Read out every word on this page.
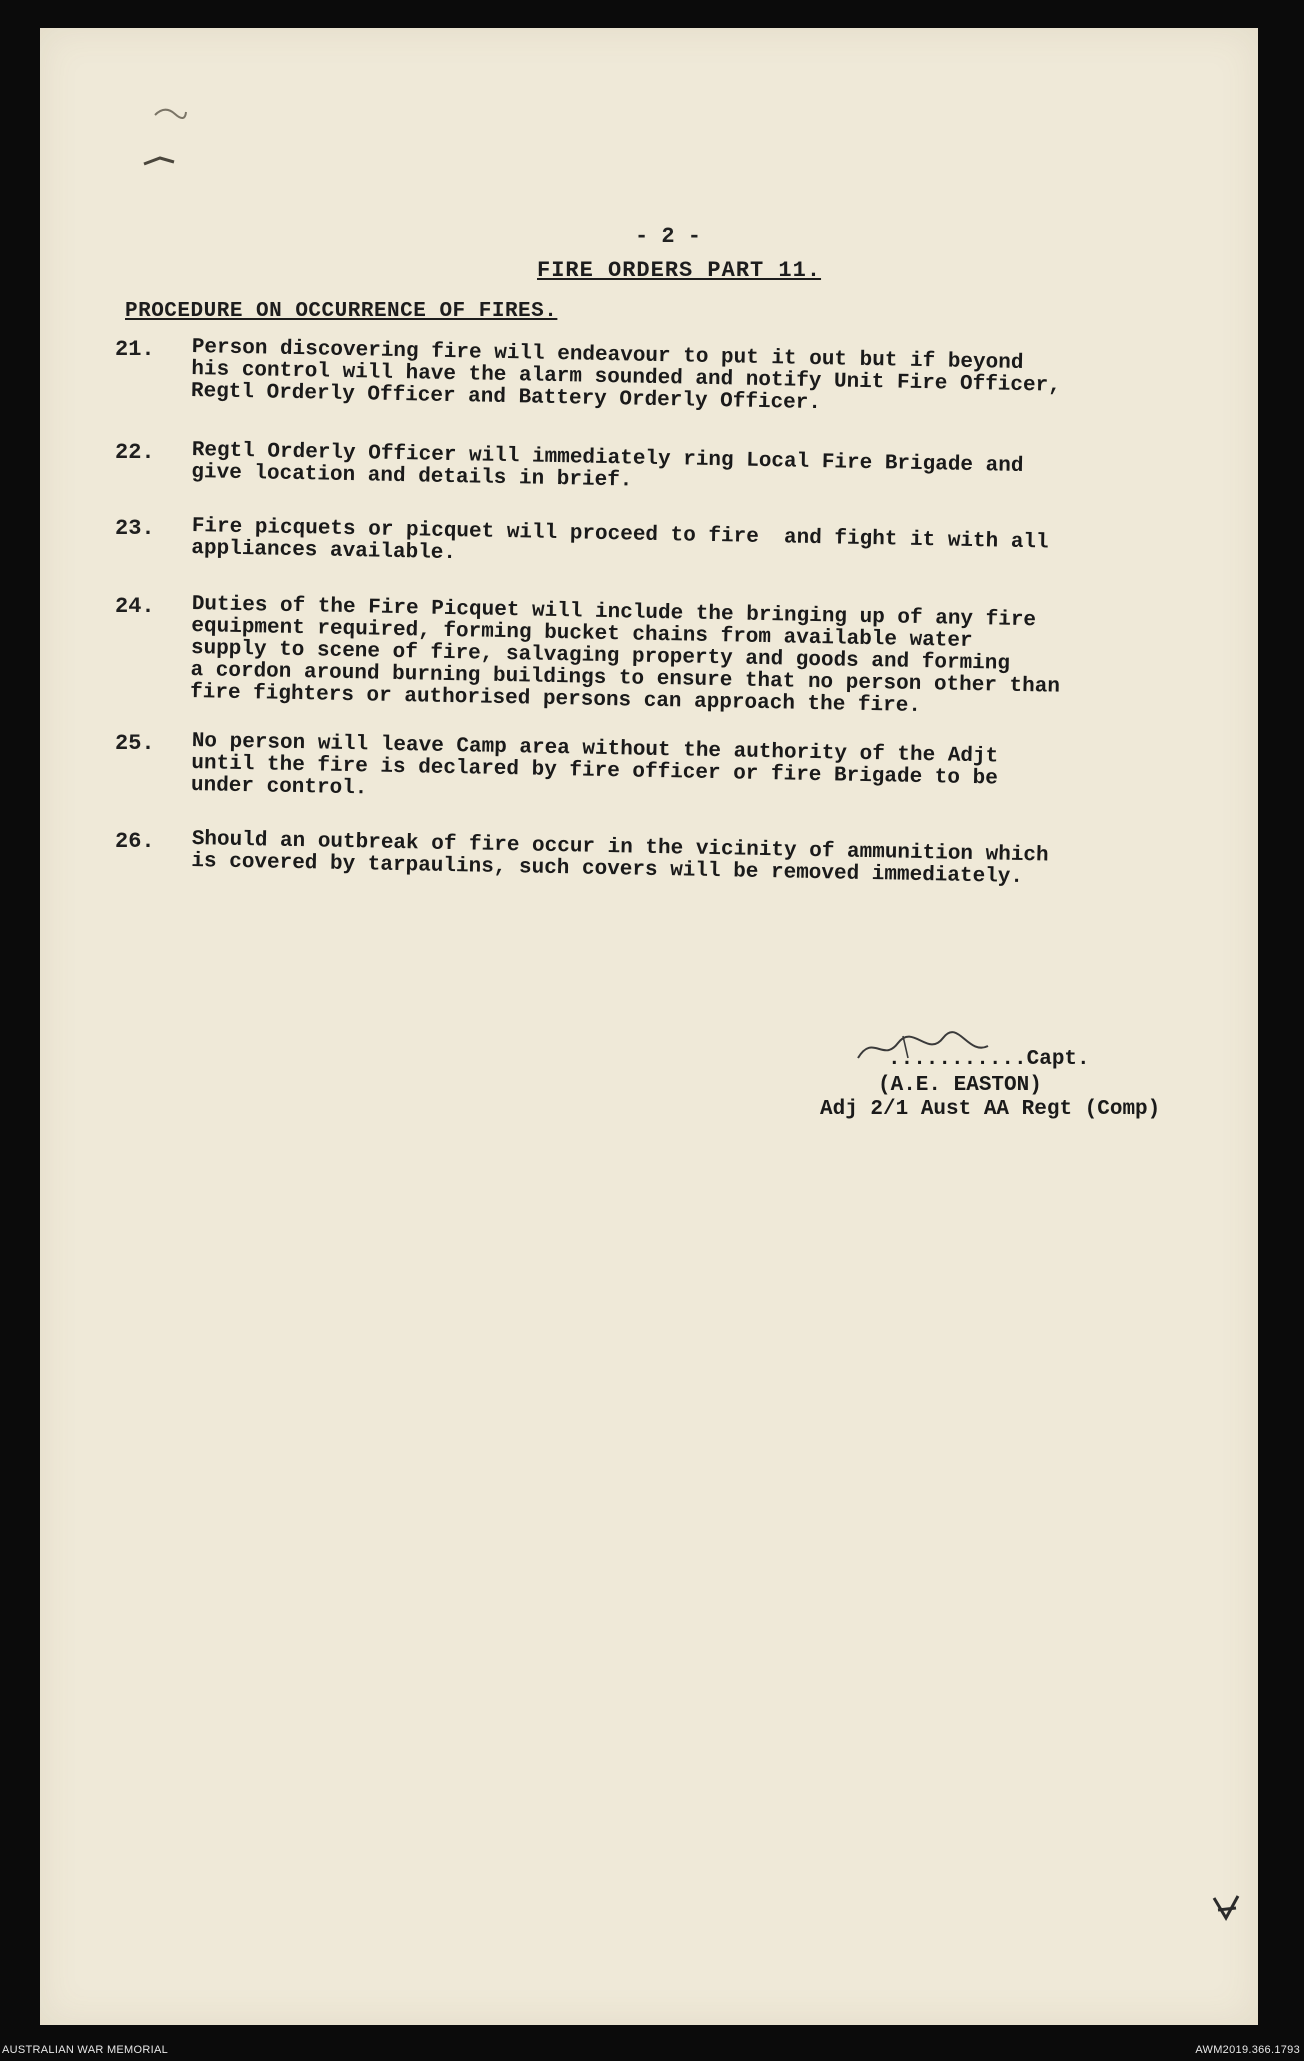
- 2 -
FIRE ORDERS PART 11.
PROCEDURE ON OCCURRENCE OF FIRES.
21. Person discovering fire will endeavour to put it out but if beyond
his control will have the alarm sounded and notify Unit Fire Officer,
Regtl Orderly Officer and Battery Orderly Officer.
22. Regtl Orderly Officer will immediately ring Local Fire Brigade and
give location and details in brief.
23. Fire picquets or picquet will proceed to fire  and fight it with all
appliances available.
24. Duties of the Fire Picquet will include the bringing up of any fire
equipment required, forming bucket chains from available water
supply to scene of fire, salvaging property and goods and forming
a cordon around burning buildings to ensure that no person other than
fire fighters or authorised persons can approach the fire.
25. No person will leave Camp area without the authority of the Adjt
until the fire is declared by fire officer or fire Brigade to be
under control.
26. Should an outbreak of fire occur in the vicinity of ammunition which
is covered by tarpaulins, such covers will be removed immediately.
...........Capt.
(A.E. EASTON)
Adj 2/1 Aust AA Regt (Comp)
AUSTRALIAN WAR MEMORIAL	AWM2019.366.1793
